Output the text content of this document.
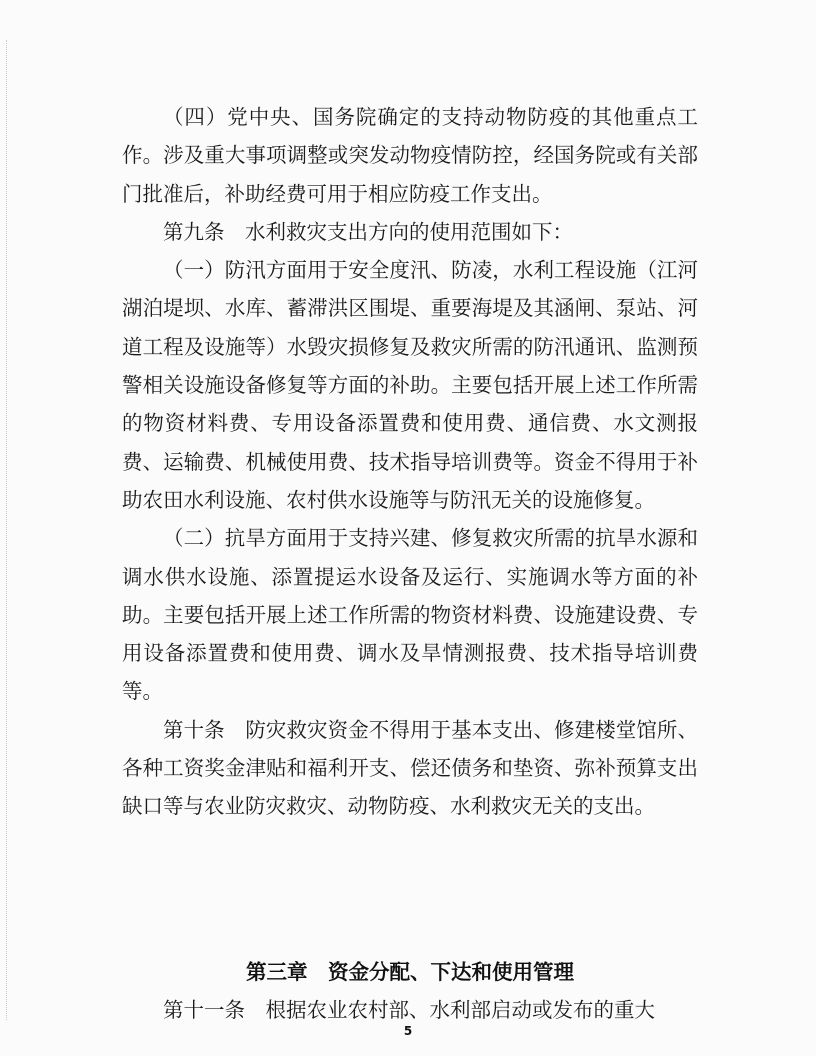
（四）党中央、国务院确定的支持动物防疫的其他重点工作。涉及重大事项调整或突发动物疫情防控，经国务院或有关部门批准后，补助经费可用于相应防疫工作支出。

第九条　水利救灾支出方向的使用范围如下：

（一）防汛方面用于安全度汛、防凌，水利工程设施（江河湖泊堤坝、水库、蓄滞洪区围堤、重要海堤及其涵闸、泵站、河道工程及设施等）水毁灾损修复及救灾所需的防汛通讯、监测预警相关设施设备修复等方面的补助。主要包括开展上述工作所需的物资材料费、专用设备添置费和使用费、通信费、水文测报费、运输费、机械使用费、技术指导培训费等。资金不得用于补助农田水利设施、农村供水设施等与防汛无关的设施修复。

（二）抗旱方面用于支持兴建、修复救灾所需的抗旱水源和调水供水设施、添置提运水设备及运行、实施调水等方面的补助。主要包括开展上述工作所需的物资材料费、设施建设费、专用设备添置费和使用费、调水及旱情测报费、技术指导培训费等。

第十条　防灾救灾资金不得用于基本支出、修建楼堂馆所、各种工资奖金津贴和福利开支、偿还债务和垫资、弥补预算支出缺口等与农业防灾救灾、动物防疫、水利救灾无关的支出。

第三章　资金分配、下达和使用管理
第十一条　根据农业农村部、水利部启动或发布的重大
5
